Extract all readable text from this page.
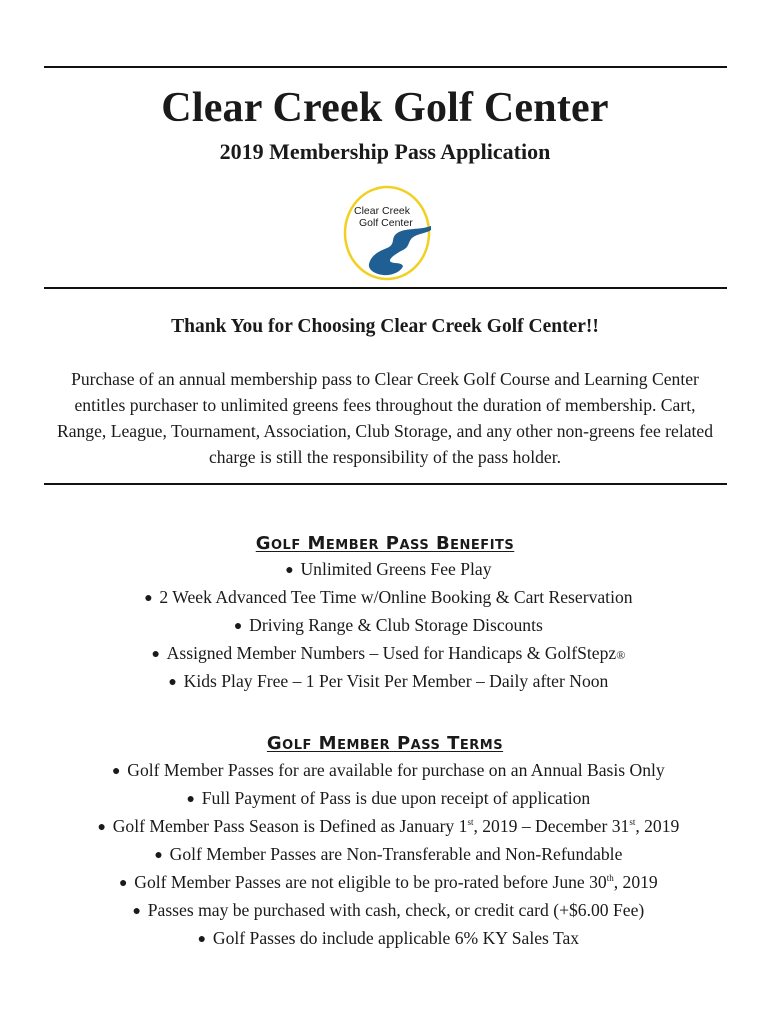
Clear Creek Golf Center
2019 Membership Pass Application
Clear Creek
Golf Center
Thank You for Choosing Clear Creek Golf Center!!
Purchase of an annual membership pass to Clear Creek Golf Course and Learning Center entitles purchaser to unlimited greens fees throughout the duration of membership. Cart, Range, League, Tournament, Association, Club Storage, and any other non-greens fee related charge is still the responsibility of the pass holder.
Golf Member Pass Benefits
● Unlimited Greens Fee Play
● 2 Week Advanced Tee Time w/Online Booking & Cart Reservation
● Driving Range & Club Storage Discounts
● Assigned Member Numbers – Used for Handicaps & GolfStepz®
● Kids Play Free – 1 Per Visit Per Member – Daily after Noon
Golf Member Pass Terms
● Golf Member Passes for are available for purchase on an Annual Basis Only
● Full Payment of Pass is due upon receipt of application
● Golf Member Pass Season is Defined as January 1st, 2019 – December 31st, 2019
● Golf Member Passes are Non-Transferable and Non-Refundable
● Golf Member Passes are not eligible to be pro-rated before June 30th, 2019
● Passes may be purchased with cash, check, or credit card (+$6.00 Fee)
● Golf Passes do include applicable 6% KY Sales Tax
